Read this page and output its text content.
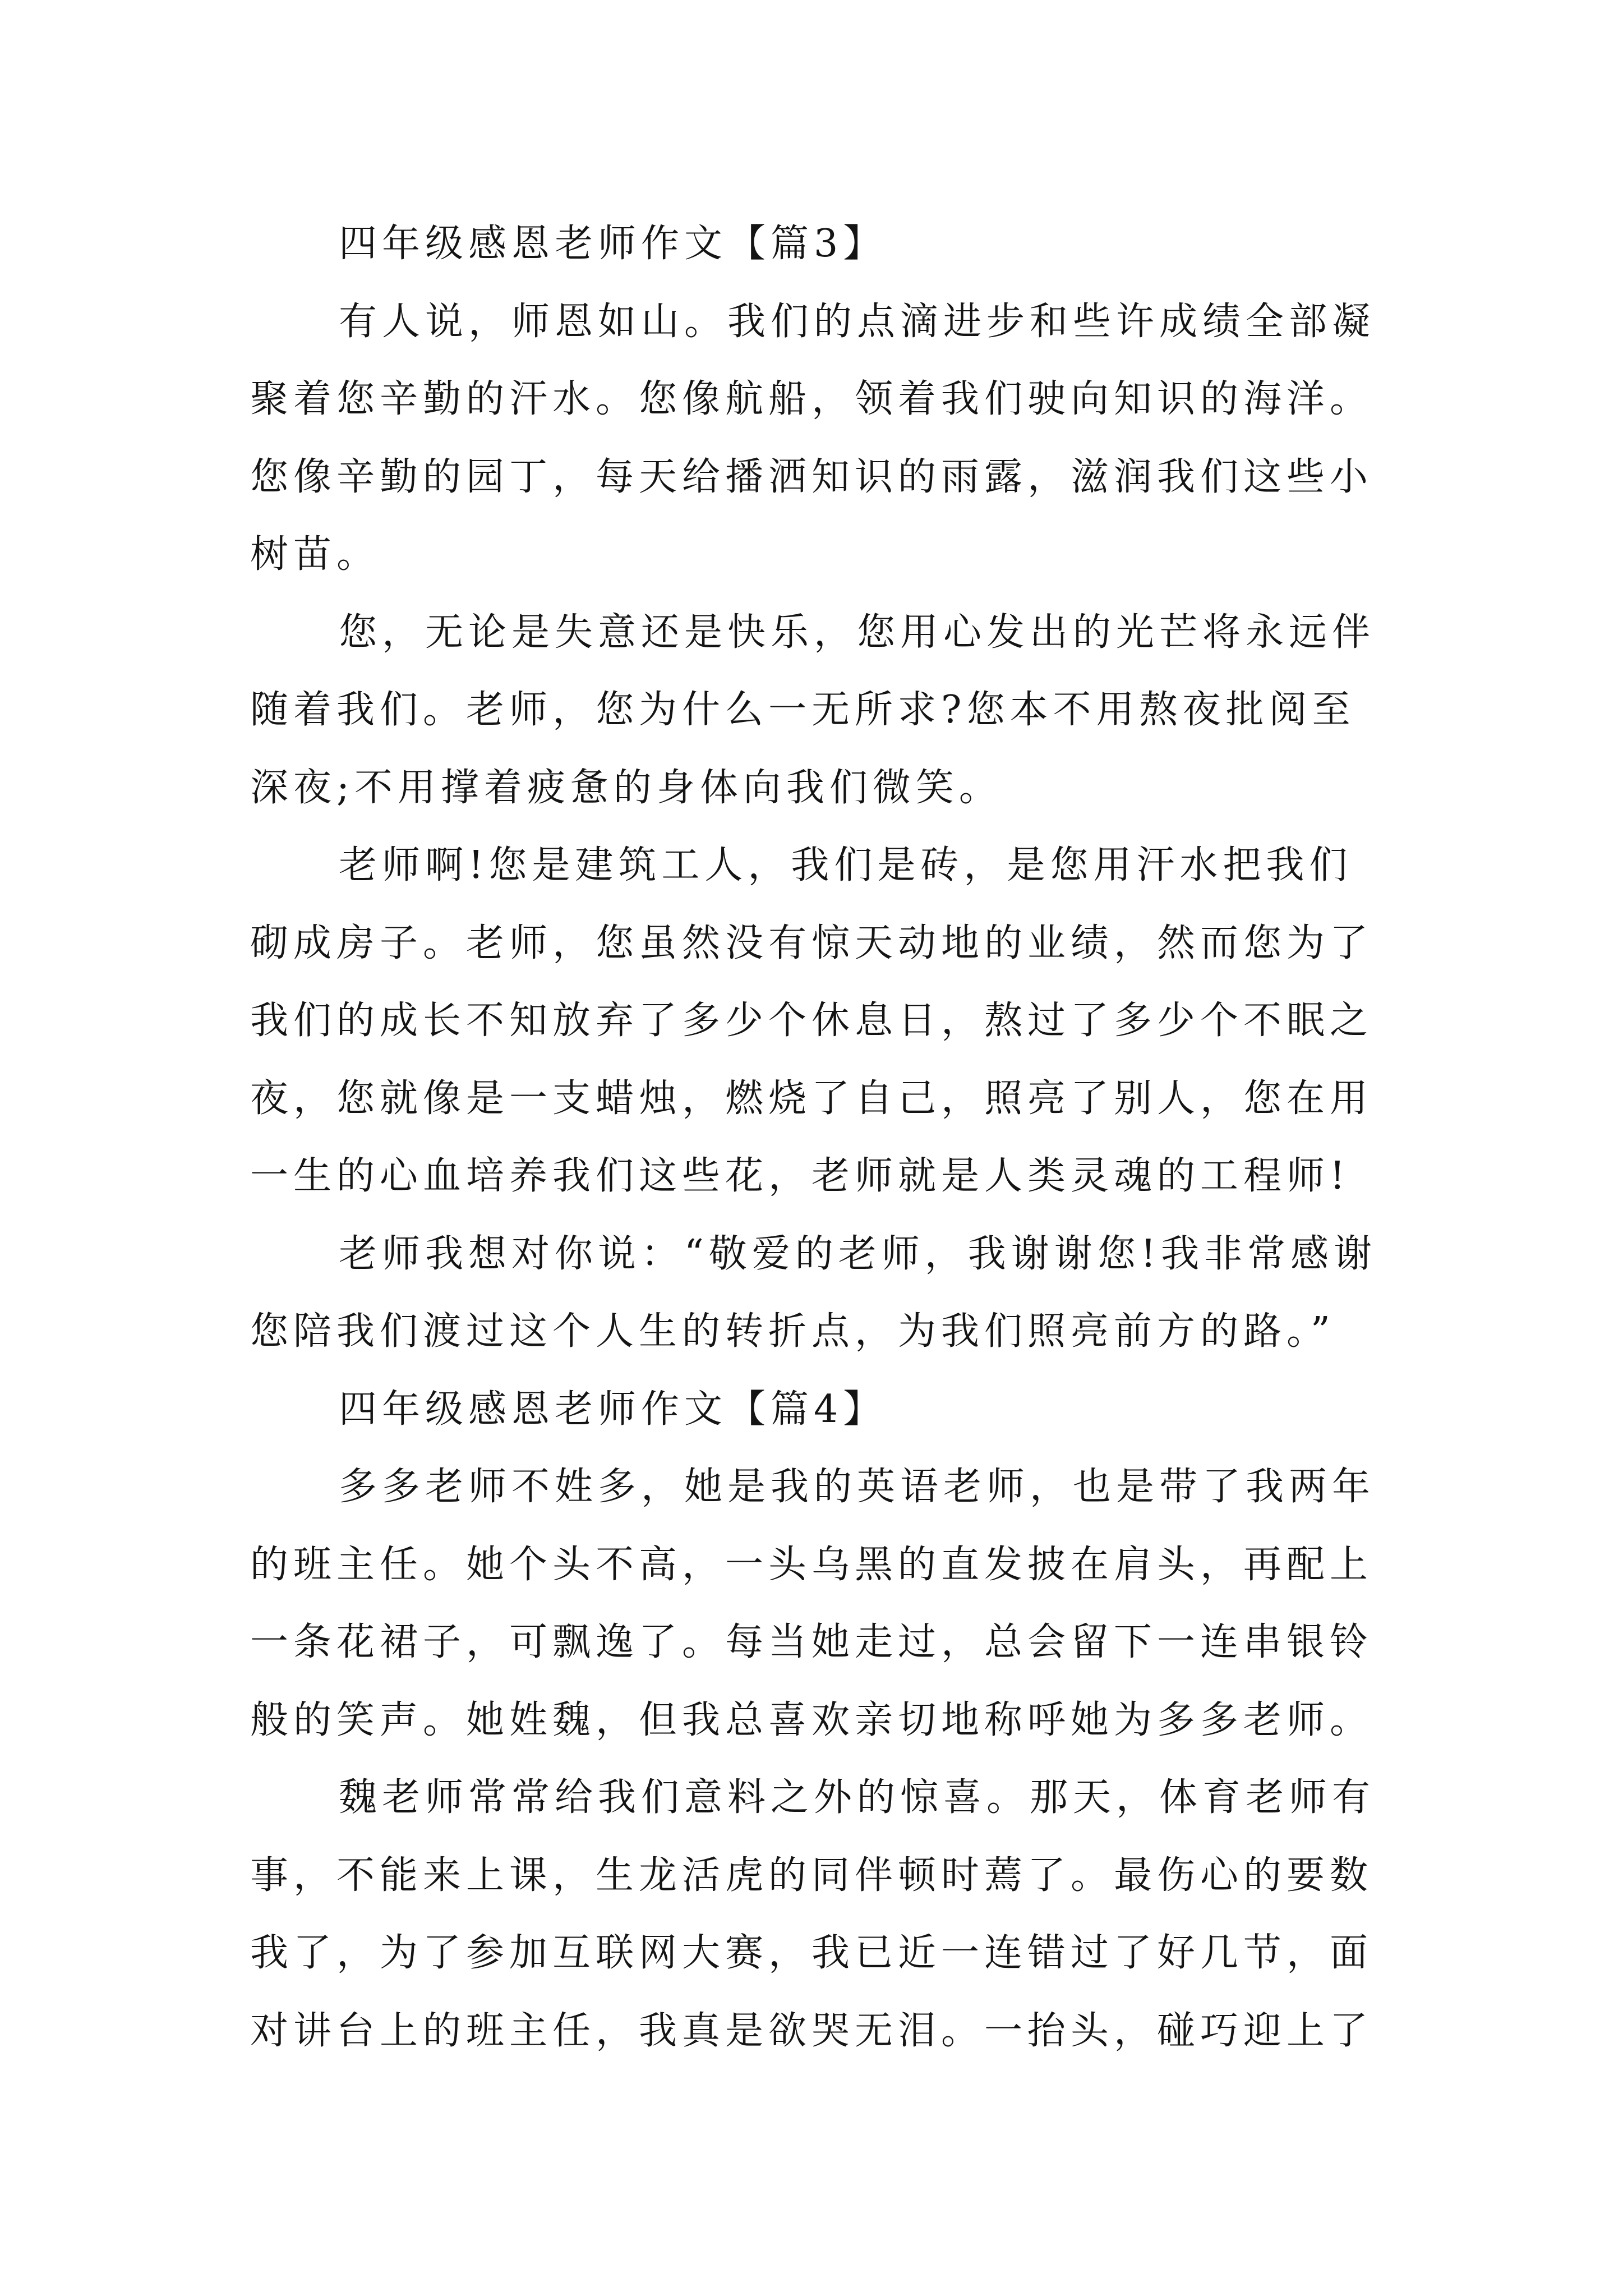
四年级感恩老师作文【篇3】

有人说，师恩如山。我们的点滴进步和些许成绩全部凝

聚着您辛勤的汗水。您像航船，领着我们驶向知识的海洋。

您像辛勤的园丁，每天给播洒知识的雨露，滋润我们这些小

树苗。

您，无论是失意还是快乐，您用心发出的光芒将永远伴

随着我们。老师，您为什么一无所求?您本不用熬夜批阅至

深夜;不用撑着疲惫的身体向我们微笑。

老师啊!您是建筑工人，我们是砖，是您用汗水把我们

砌成房子。老师，您虽然没有惊天动地的业绩，然而您为了

我们的成长不知放弃了多少个休息日，熬过了多少个不眠之

夜，您就像是一支蜡烛，燃烧了自己，照亮了别人，您在用

一生的心血培养我们这些花，老师就是人类灵魂的工程师!

老师我想对你说：“敬爱的老师，我谢谢您!我非常感谢

您陪我们渡过这个人生的转折点，为我们照亮前方的路。”

四年级感恩老师作文【篇4】

多多老师不姓多，她是我的英语老师，也是带了我两年

的班主任。她个头不高，一头乌黑的直发披在肩头，再配上

一条花裙子，可飘逸了。每当她走过，总会留下一连串银铃

般的笑声。她姓魏，但我总喜欢亲切地称呼她为多多老师。

魏老师常常给我们意料之外的惊喜。那天，体育老师有

事，不能来上课，生龙活虎的同伴顿时蔫了。最伤心的要数

我了，为了参加互联网大赛，我已近一连错过了好几节，面

对讲台上的班主任，我真是欲哭无泪。一抬头，碰巧迎上了
